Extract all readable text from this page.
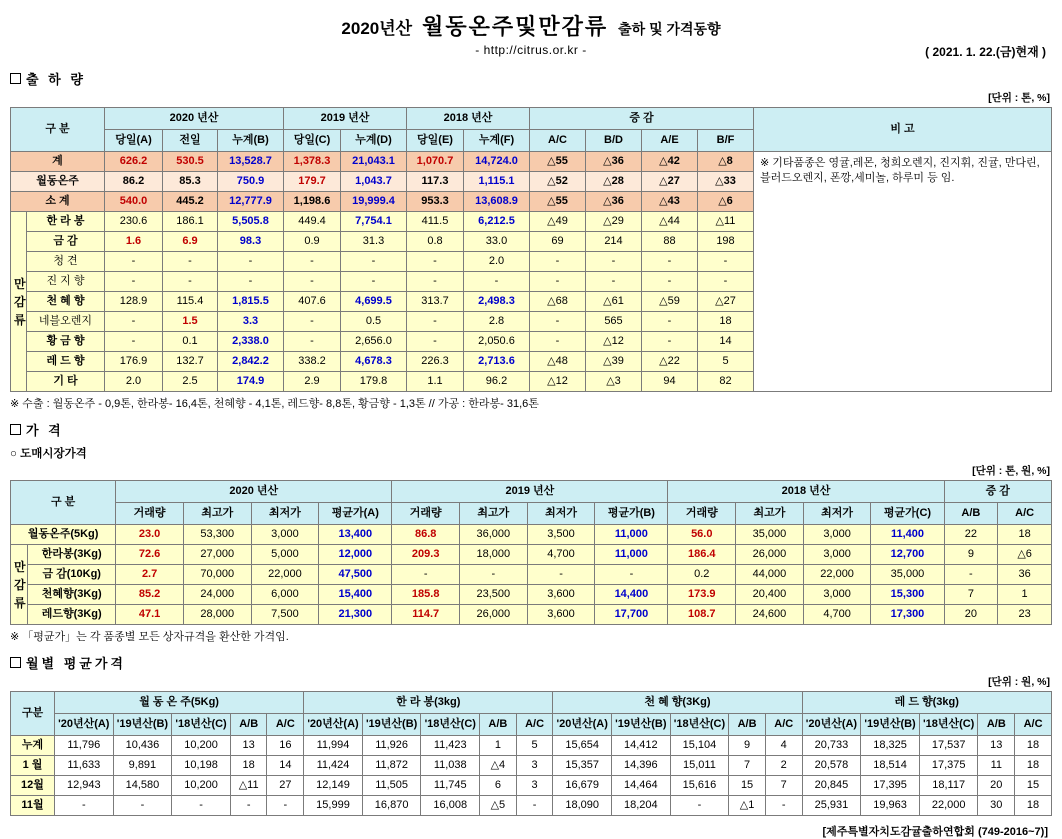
2020년산 월동온주및만감류 출하 및 가격동향
- http://citrus.or.kr -	( 2021. 1. 22.(금)현재 )
출 하 량
[단위 : 톤, %]
구 분		2020 년산			2019 년산		2018 년산		증 감				비 고
		당일(A)	전일	누계(B)	당일(C)	누계(D)	당일(E)	누계(F)	A/C	B/D	A/E	B/F	
계		626.2	530.5	13,528.7	1,378.3	21,043.1	1,070.7	14,724.0	△55	△36	△42	△8	※ 기타품종은 영귤,레몬, 청희오렌지, 진지휘, 진귤, 만다린, 블러드오렌지, 폰깡,세미놀, 하루미 등 임.
월동온주		86.2	85.3	750.9	179.7	1,043.7	117.3	1,115.1	△52	△28	△27	△33	
소 계		540.0	445.2	12,777.9	1,198.6	19,999.4	953.3	13,608.9	△55	△36	△43	△6	
만
감
류	한 라 봉	230.6	186.1	5,505.8	449.4	7,754.1	411.5	6,212.5	△49	△29	△44	△11	
	금 감	1.6	6.9	98.3	0.9	31.3	0.8	33.0	69	214	88	198	
	청 견	-	-	-	-	-	-	2.0	-	-	-	-	
	진 지 향	-	-	-	-	-	-	-	-	-	-	-	
	천 혜 향	128.9	115.4	1,815.5	407.6	4,699.5	313.7	2,498.3	△68	△61	△59	△27	
	네블오렌지	-	1.5	3.3	-	0.5	-	2.8	-	565	-	18	
	황 금 향	-	0.1	2,338.0	-	2,656.0	-	2,050.6	-	△12	-	14	
	레 드 향	176.9	132.7	2,842.2	338.2	4,678.3	226.3	2,713.6	△48	△39	△22	5	
	기 타	2.0	2.5	174.9	2.9	179.8	1.1	96.2	△12	△3	94	82	
※ 수출 : 월동온주 - 0,9톤, 한라봉- 16,4톤, 천혜향 - 4,1톤, 레드향- 8,8톤, 황금향 - 1,3톤 // 가공 : 한라봉- 31,6톤
가 격
○ 도매시장가격
[단위 : 톤, 원, %]
구 분		2020 년산				2019 년산				2018 년산				증 감	
		거래량	최고가	최저가	평균가(A)	거래량	최고가	최저가	평균가(B)	거래량	최고가	최저가	평균가(C)	A/B	A/C
월동온주(5Kg)		23.0	53,300	3,000	13,400	86.8	36,000	3,500	11,000	56.0	35,000	3,000	11,400	22	18
만
감
류	한라봉(3Kg)	72.6	27,000	5,000	12,000	209.3	18,000	4,700	11,000	186.4	26,000	3,000	12,700	9	△6
	금 감(10Kg)	2.7	70,000	22,000	47,500	-	-	-	-	0.2	44,000	22,000	35,000	-	36
	천혜향(3Kg)	85.2	24,000	6,000	15,400	185.8	23,500	3,600	14,400	173.9	20,400	3,000	15,300	7	1
	레드향(3Kg)	47.1	28,000	7,500	21,300	114.7	26,000	3,600	17,700	108.7	24,600	4,700	17,300	20	23
※ 「평균가」는 각 품종별 모든 상자규격을 환산한 가격임.
월별 평균가격
[단위 : 원, %]
구분	월 동 온 주(5Kg)					한 라 봉(3kg)					천 혜 향(3Kg)					레 드 향(3kg)				
	'20년산(A)	'19년산(B)	'18년산(C)	A/B	A/C	'20년산(A)	'19년산(B)	'18년산(C)	A/B	A/C	'20년산(A)	'19년산(B)	'18년산(C)	A/B	A/C	'20년산(A)	'19년산(B)	'18년산(C)	A/B	A/C
누계	11,796	10,436	10,200	13	16	11,994	11,926	11,423	1	5	15,654	14,412	15,104	9	4	20,733	18,325	17,537	13	18
1 월	11,633	9,891	10,198	18	14	11,424	11,872	11,038	△4	3	15,357	14,396	15,011	7	2	20,578	18,514	17,375	11	18
12월	12,943	14,580	10,200	△11	27	12,149	11,505	11,745	6	3	16,679	14,464	15,616	15	7	20,845	17,395	18,117	20	15
11월	-	-	-	-	-	15,999	16,870	16,008	△5	-	18,090	18,204	-	△1	-	25,931	19,963	22,000	30	18
[제주특별자치도감귤출하연합회 (749-2016~7)]
